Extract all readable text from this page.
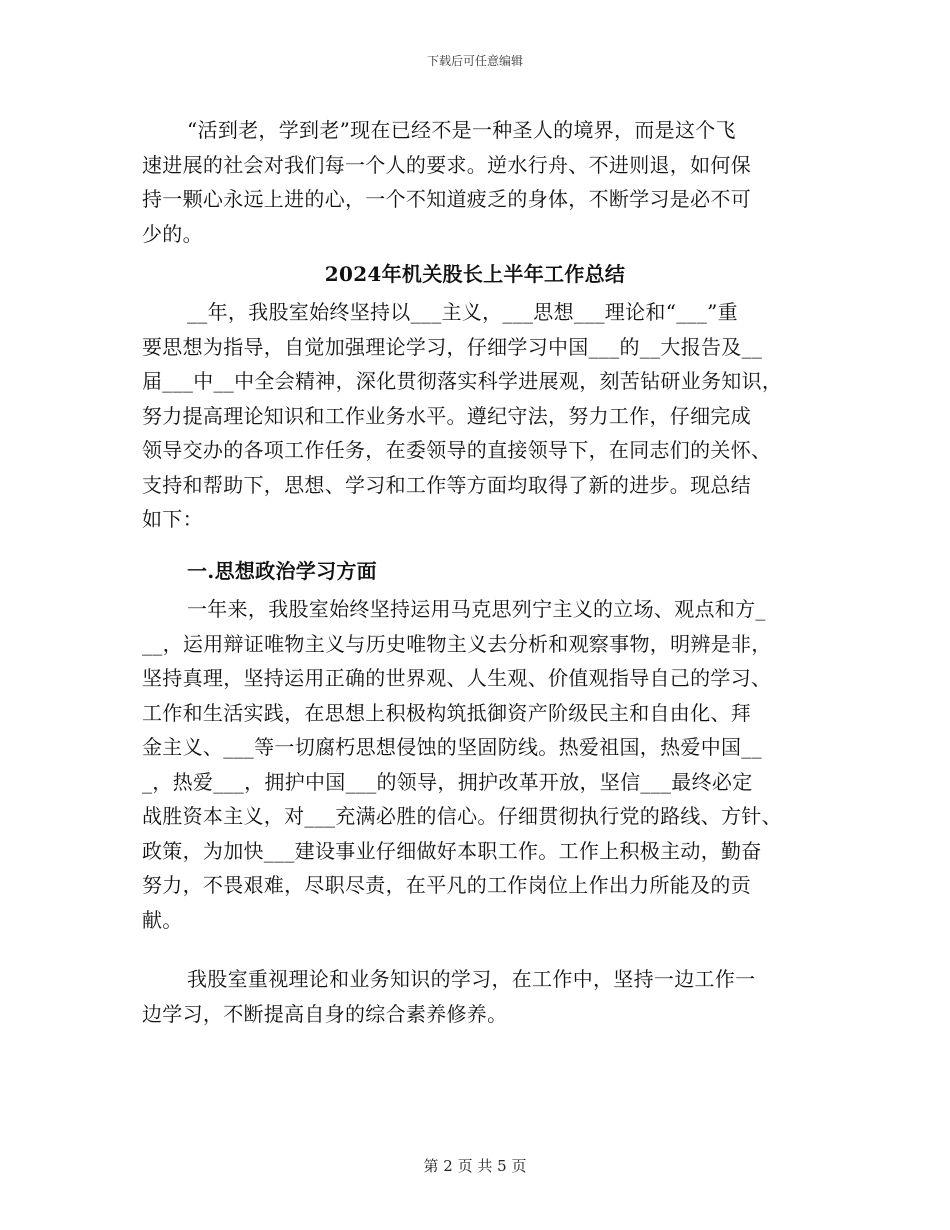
下载后可任意编辑
“活到老，学到老”现在已经不是一种圣人的境界，而是这个飞
速进展的社会对我们每一个人的要求。逆水行舟、不进则退，如何保
持一颗心永远上进的心，一个不知道疲乏的身体，不断学习是必不可
少的。
2024年机关股长上半年工作总结
__年，我股室始终坚持以___主义，___思想___理论和“___”重
要思想为指导，自觉加强理论学习，仔细学习中国___的__大报告及__
届___中__中全会精神，深化贯彻落实科学进展观，刻苦钻研业务知识，
努力提高理论知识和工作业务水平。遵纪守法，努力工作，仔细完成
领导交办的各项工作任务，在委领导的直接领导下，在同志们的关怀、
支持和帮助下，思想、学习和工作等方面均取得了新的进步。现总结
如下：
一.思想政治学习方面
一年来，我股室始终坚持运用马克思列宁主义的立场、观点和方_
__，运用辩证唯物主义与历史唯物主义去分析和观察事物，明辨是非，
坚持真理，坚持运用正确的世界观、人生观、价值观指导自己的学习、
工作和生活实践，在思想上积极构筑抵御资产阶级民主和自由化、拜
金主义、___等一切腐朽思想侵蚀的坚固防线。热爱祖国，热爱中国__
_，热爱___，拥护中国___的领导，拥护改革开放，坚信___最终必定
战胜资本主义，对___充满必胜的信心。仔细贯彻执行党的路线、方针、
政策，为加快___建设事业仔细做好本职工作。工作上积极主动，勤奋
努力，不畏艰难，尽职尽责，在平凡的工作岗位上作出力所能及的贡
献。
我股室重视理论和业务知识的学习，在工作中，坚持一边工作一
边学习，不断提高自身的综合素养修养。
第 2 页 共 5 页
